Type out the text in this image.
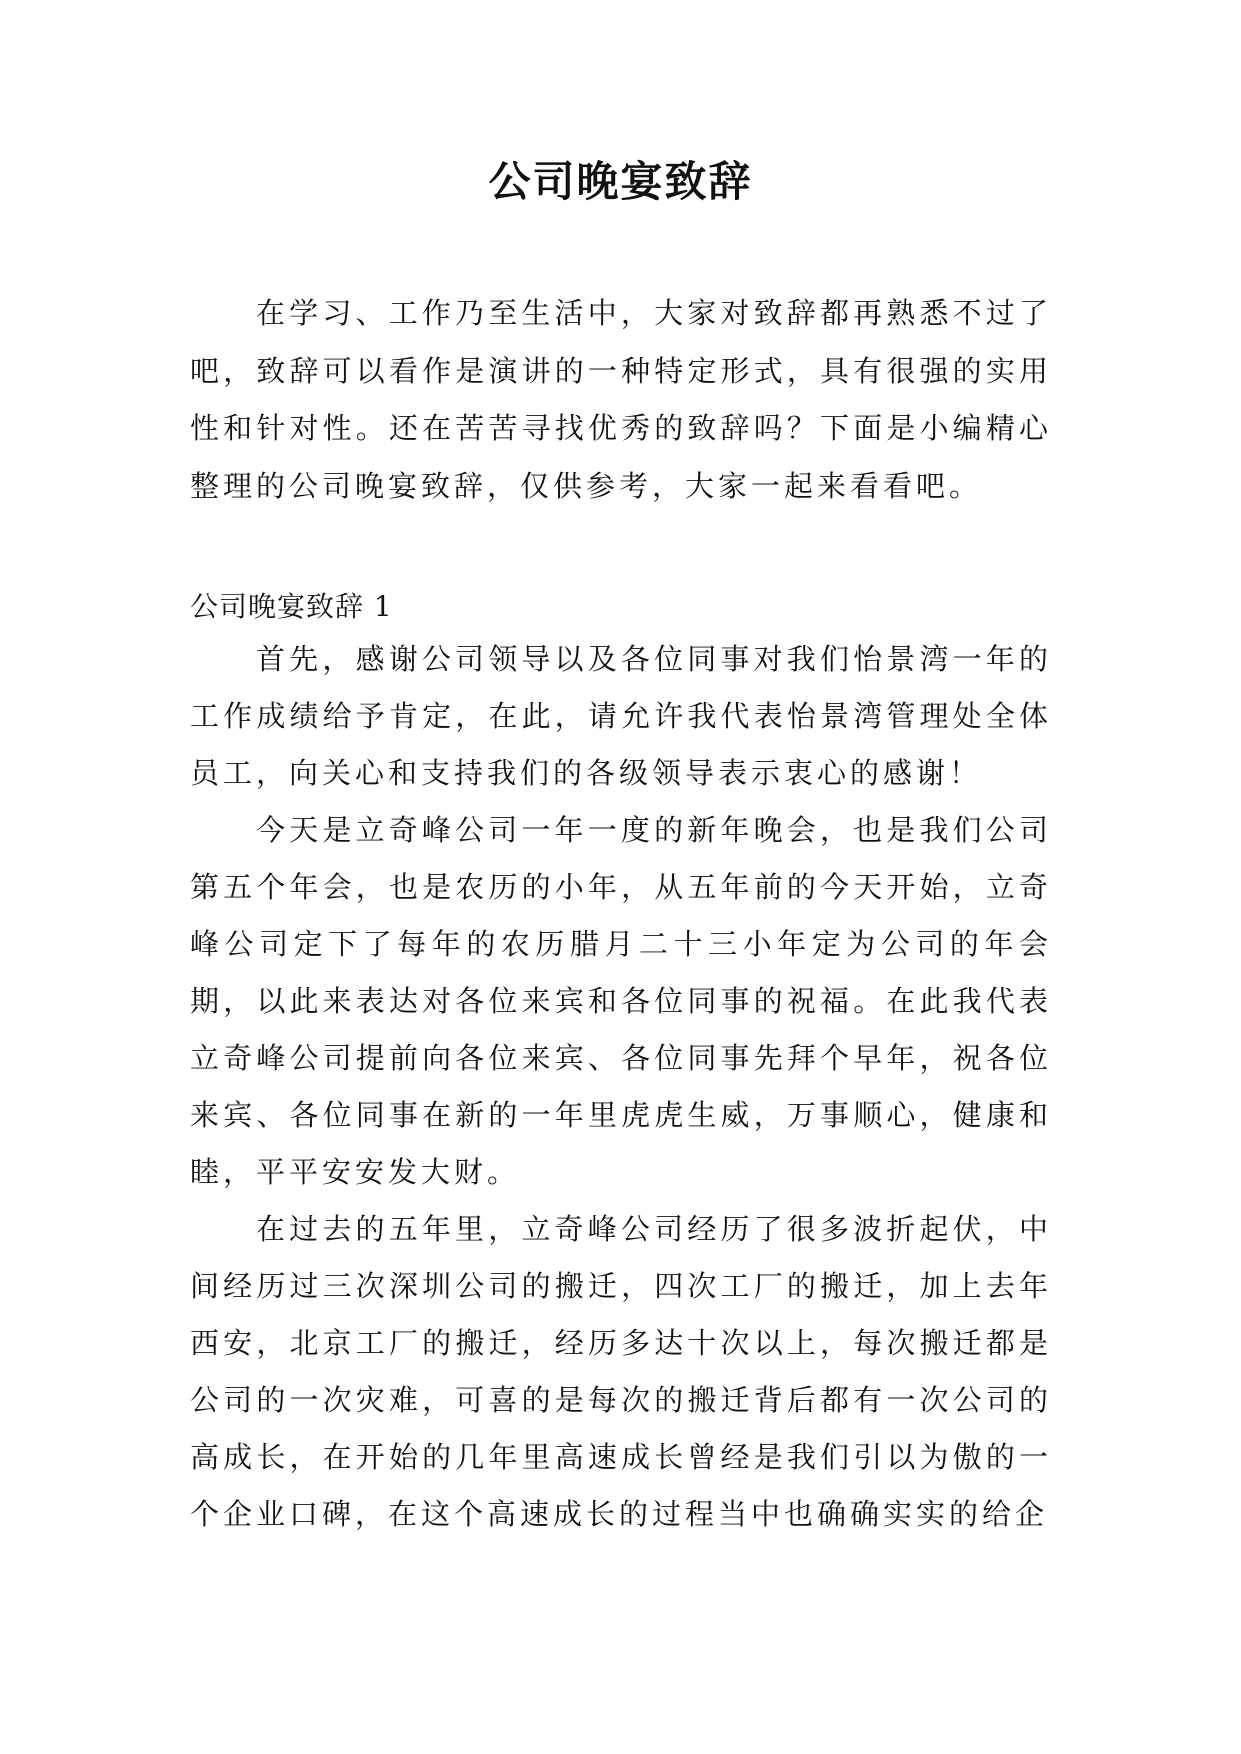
公司晚宴致辞

在学习、工作乃至生活中，大家对致辞都再熟悉不过了吧，致辞可以看作是演讲的一种特定形式，具有很强的实用性和针对性。还在苦苦寻找优秀的致辞吗？下面是小编精心整理的公司晚宴致辞，仅供参考，大家一起来看看吧。

公司晚宴致辞 1

首先，感谢公司领导以及各位同事对我们怡景湾一年的工作成绩给予肯定，在此，请允许我代表怡景湾管理处全体员工，向关心和支持我们的各级领导表示衷心的感谢！

今天是立奇峰公司一年一度的新年晚会，也是我们公司第五个年会，也是农历的小年，从五年前的今天开始，立奇峰公司定下了每年的农历腊月二十三小年定为公司的年会期，以此来表达对各位来宾和各位同事的祝福。在此我代表立奇峰公司提前向各位来宾、各位同事先拜个早年，祝各位来宾、各位同事在新的一年里虎虎生威，万事顺心，健康和睦，平平安安发大财。

在过去的五年里，立奇峰公司经历了很多波折起伏，中间经历过三次深圳公司的搬迁，四次工厂的搬迁，加上去年西安，北京工厂的搬迁，经历多达十次以上，每次搬迁都是公司的一次灾难，可喜的是每次的搬迁背后都有一次公司的高成长，在开始的几年里高速成长曾经是我们引以为傲的一个企业口碑，在这个高速成长的过程当中也确确实实的给企
